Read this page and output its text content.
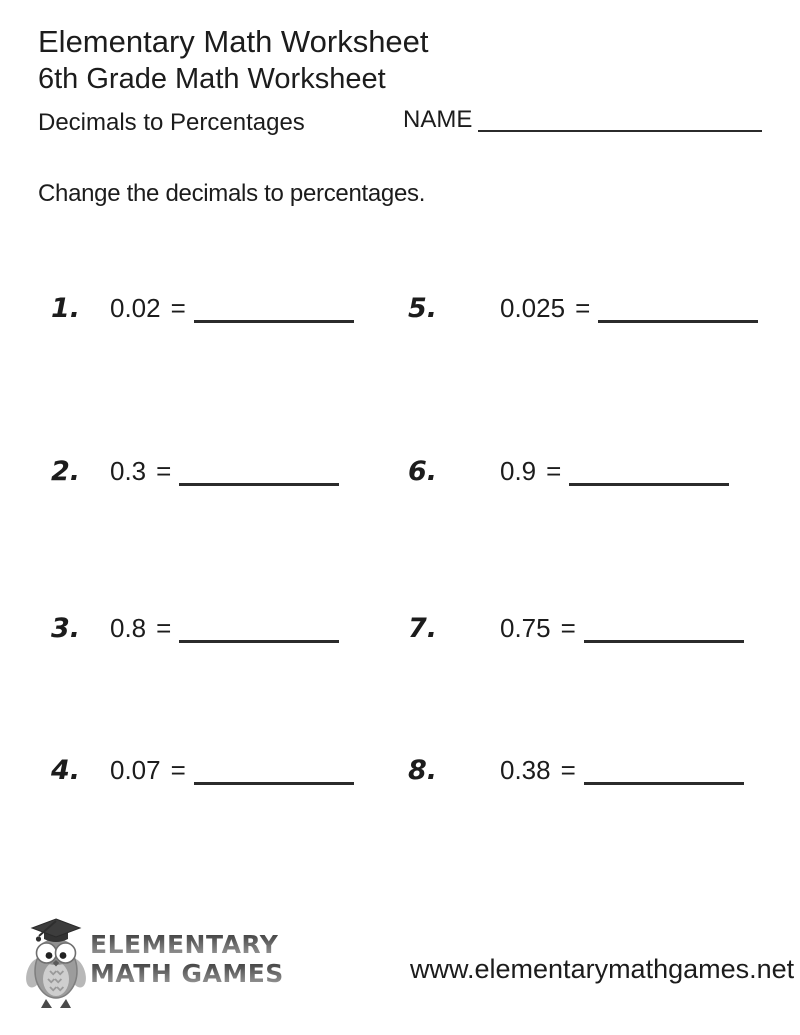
Elementary Math Worksheet
6th Grade Math Worksheet
Decimals to Percentages	NAME
Change the decimals to percentages.
1. 0.02 =	5. 0.025 =
2. 0.3 =	6. 0.9 =
3. 0.8 =	7. 0.75 =
4. 0.07 =	8. 0.38 =
ELEMENTARY
MATH GAMES	www.elementarymathgames.net
